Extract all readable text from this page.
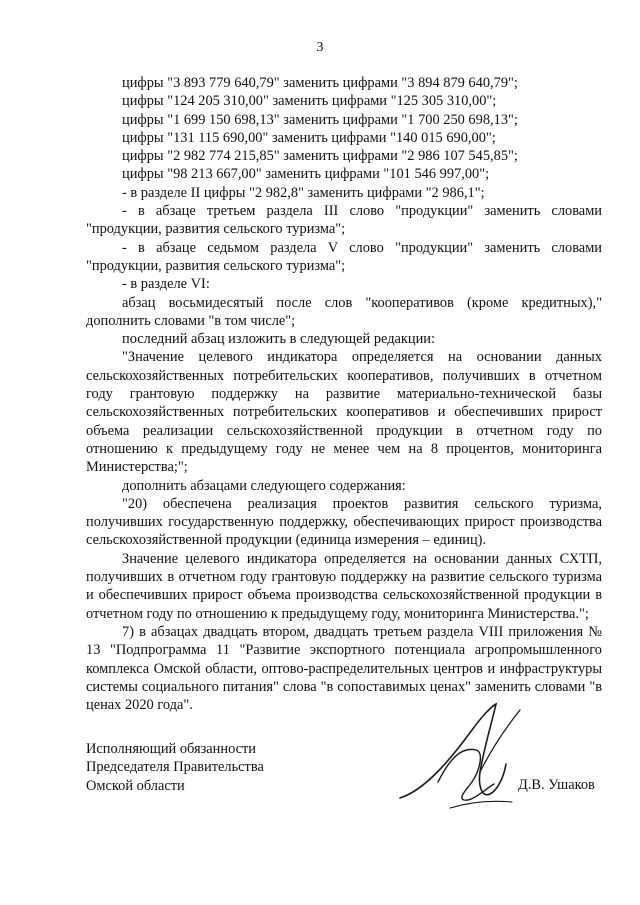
3

цифры "3 893 779 640,79" заменить цифрами "3 894 879 640,79";

цифры "124 205 310,00" заменить цифрами "125 305 310,00";

цифры "1 699 150 698,13" заменить цифрами "1 700 250 698,13";

цифры "131 115 690,00" заменить цифрами "140 015 690,00";

цифры "2 982 774 215,85" заменить цифрами "2 986 107 545,85";

цифры "98 213 667,00" заменить цифрами "101 546 997,00";

- в разделе II цифры "2 982,8" заменить цифрами "2 986,1";

- в абзаце третьем раздела III слово "продукции" заменить словами "продукции, развития сельского туризма";

- в абзаце седьмом раздела V слово "продукции" заменить словами "продукции, развития сельского туризма";

- в разделе VI:

абзац восьмидесятый после слов "кооперативов (кроме кредитных)," дополнить словами "в том числе";

последний абзац изложить в следующей редакции:

"Значение целевого индикатора определяется на основании данных сельскохозяйственных потребительских кооперативов, получивших в отчетном году грантовую поддержку на развитие материально-технической базы сельскохозяйственных потребительских кооперативов и обеспечивших прирост объема реализации сельскохозяйственной продукции в отчетном году по отношению к предыдущему году не менее чем на 8 процентов, мониторинга Министерства;";

дополнить абзацами следующего содержания:

"20) обеспечена реализация проектов развития сельского туризма, получивших государственную поддержку, обеспечивающих прирост производства сельскохозяйственной продукции (единица измерения – единиц).

Значение целевого индикатора определяется на основании данных СХТП, получивших в отчетном году грантовую поддержку на развитие сельского туризма и обеспечивших прирост объема производства сельскохозяйственной продукции в отчетном году по отношению к предыдущему году, мониторинга Министерства.";

7) в абзацах двадцать втором, двадцать третьем раздела VIII приложения № 13 "Подпрограмма 11 "Развитие экспортного потенциала агропромышленного комплекса Омской области, оптово-распределительных центров и инфраструктуры системы социального питания" слова "в сопоставимых ценах" заменить словами "в ценах 2020 года".

Исполняющий обязанности

Председателя Правительства

Омской области	Д.В. Ушаков
